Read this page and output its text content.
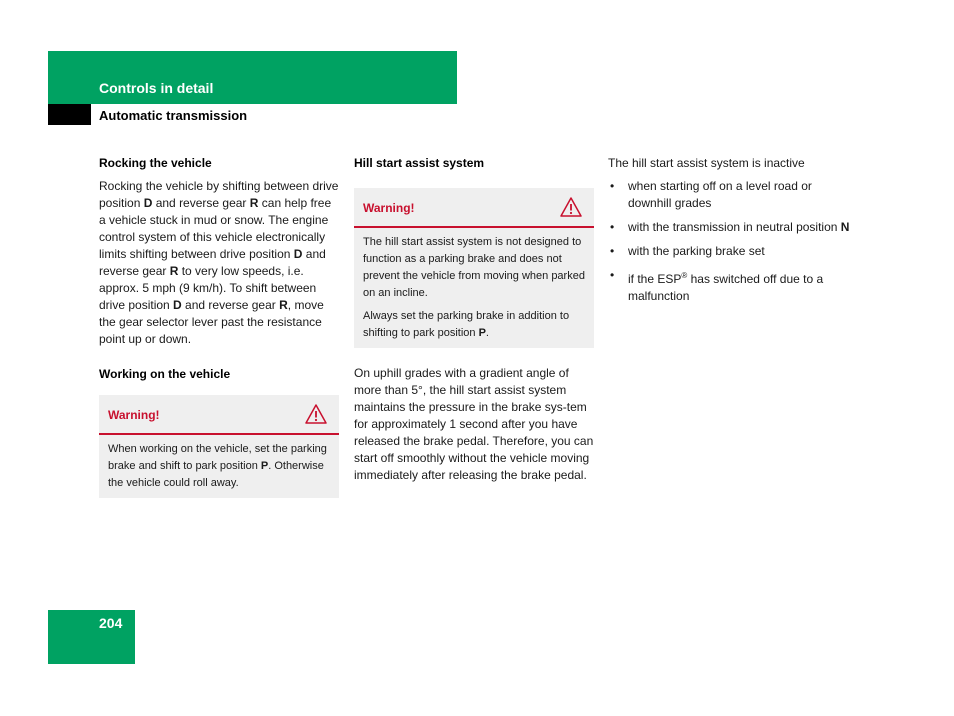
Controls in detail
Automatic transmission

Rocking the vehicle

Rocking the vehicle by shifting between drive position D and reverse gear R can help free a vehicle stuck in mud or snow. The engine control system of this vehicle electronically limits shifting between drive position D and reverse gear R to very low speeds, i.e. approx. 5 mph (9 km/h). To shift between drive position D and reverse gear R, move the gear selector lever past the resistance point up or down.

Working on the vehicle

Warning!

When working on the vehicle, set the parking brake and shift to park position P. Otherwise the vehicle could roll away.

Hill start assist system

Warning!

The hill start assist system is not designed to function as a parking brake and does not prevent the vehicle from moving when parked on an incline.

Always set the parking brake in addition to shifting to park position P.

On uphill grades with a gradient angle of more than 5°, the hill start assist system maintains the pressure in the brake sys-tem for approximately 1 second after you have released the brake pedal. Therefore, you can start off smoothly without the vehicle moving immediately after releasing the brake pedal.

The hill start assist system is inactive

• when starting off on a level road or downhill grades
• with the transmission in neutral position N
• with the parking brake set
• if the ESP® has switched off due to a malfunction
204
